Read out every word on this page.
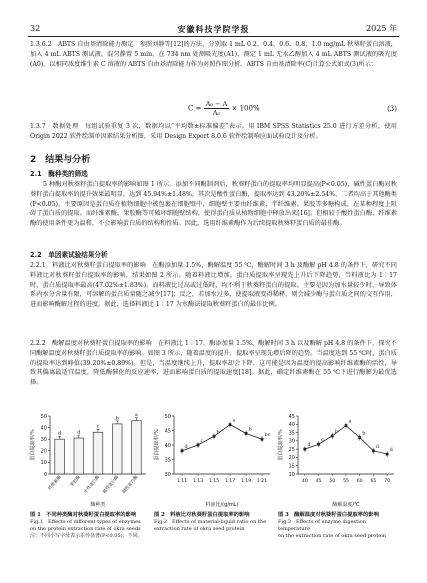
32	安徽科技学院学报	2025 年
1.3.6.2　ABTS 自由基清除能力测定　参照刘静等[12]的方法，分别取 1 mL 0.2、0.4、0.6、0.8、1.0 mg/mL 秋葵籽蛋白溶液，加入 4 mL ABTS 测试液，混匀静置 5 min，在 734 nm 处测吸光度(A1)，测定 1 mL 无水乙醇加入 4 mL ABTS 测试液的吸光度(A0)。以相同浓度维生素 C 溶液的 ABTS 自由基清除能力作为对照作图分析。ABTS 自由基清除率(C)计算公式如式(3)所示：
$C = \frac{\text{A₀ − A}}{\text{A₀}} \times 100\%$	(3)
1.3.7　数据处理　每组试验重复 3 次，数据均以“平均数±标准偏差”表示。用 IBM SPSS Statistics 25.0 进行方差分析，使用 Origin 2022 软件绘制单因素结果分析图，采用 Design Expert 8.0.6 软件绘制响应面试验设计及分析。
2　结果与分析
2.1　酶种类的筛选
5 种酶对秋葵籽蛋白提取率的影响如图 1 所示。添加不同酶制剂后，秋葵籽蛋白的提取率均明显提高(P<0.05)，碱性蛋白酶对秋葵籽蛋白提取率的提升效果最明显，达到 45.94%±1.48%，其次是酸性蛋白酶，提取率达到 43.20%±2.54%，二者均高于其他酶类(P<0.05)。主要原因是蛋白质在植物细胞中被包裹在细胞壁中，细胞壁主要由纤维素、半纤维素、果胶等多糖构成，在某种程度上阻碍了蛋白质的提取。而纤维素酶、果胶酶等可破坏细胞壁结构，使得蛋白质从植物细胞中释放出来[16]。但相较于酸性蛋白酶，纤维素酶的使用条件更为温和，不会影响蛋白质的结构和性质。因此，选用纤维素酶作为后续提取秋葵籽蛋白质的最佳酶。
2.2　单因素试验结果分析
2.2.1　料液比对秋葵籽蛋白提取率的影响　在酶添加量 1.5%，酶解温度 55 ℃，酶解时间 3 h 及酶解 pH 4.8 的条件下，研究不同料液比对秋葵籽蛋白提取率的影响，结果如图 2 所示。随着料液比增加，蛋白质提取率呈现先上升后下降趋势，当料液比为 1∶17 时，蛋白质提取率最高(47.02%±1.83%)。而料液比过高或过低时，均不利于秋葵籽蛋白的提取。主要是因为加水量较少时，导致体系内水分含量有限，可溶解的蛋白质量随之减少[17]；反之，若加水过多，使提取液变得稀释，则会减少酶与蛋白质之间的交互作用，进而影响酶解过程的进度。据此，选择料液比 1∶17 为水酶法提取秋葵籽蛋白的最佳比例。
2.2.2　酶解温度对秋葵籽蛋白提取率的影响　在料液比 1∶17、酶添加量 1.5%、酶解时间 3 h 以及酶解 pH 4.8 的条件下，探究不同酶解温度对秋葵籽蛋白质提取率的影响。如图 3 所示，随着温度的提升，提取率呈现先增后降的趋势。当温度达到 55 ℃时，蛋白质的提取率达到峰值(39.20%±0.89%)。但是，当温度继续上升，提取率却会下降。这可能是因为温度的提高影响纤维素酶的活性，导致其偏离最适宜温度，降低酶催化的反应速率，进而影响蛋白质的提取速度[18]。据此，确定纤维素酶在 55 ℃下进行酶解为最优选择。
0
10
20
30
40
50
蛋白提取率/%	d
纤维素酶
d
果胶酶
c
中性蛋白酶
b
酸性蛋白酶
a
碱性蛋白酶
酶种类
30
35
40
45
50
蛋白提取率/%	d
1:11
c
1:13
b
1:15
a
1:17
b
1:19
bc
1:21
料液比/(g/mL)
10
15
20
25
30
35
40
45
蛋白提取率/%	d
40
c
45
b
50
a
55
b
60
d
65
d
70
酶解温度/℃
图 1　不同种类酶对秋葵籽蛋白提取率的影响
Fig.1　Effects of different types of enzymes
on the protein extraction rate of okra seeds
注：不同小写字母表示差异显著(P<0.05)，下同。
图 2　料液比对秋葵籽蛋白提取率的影响
Fig.2　Effects of material-liquid ratio on the
extraction rate of okra seed protein
图 3　酶解温度对秋葵籽蛋白提取率的影响
Fig.3　Effects of enzyme digestion temperature
on the extraction rate of okra seed protein
